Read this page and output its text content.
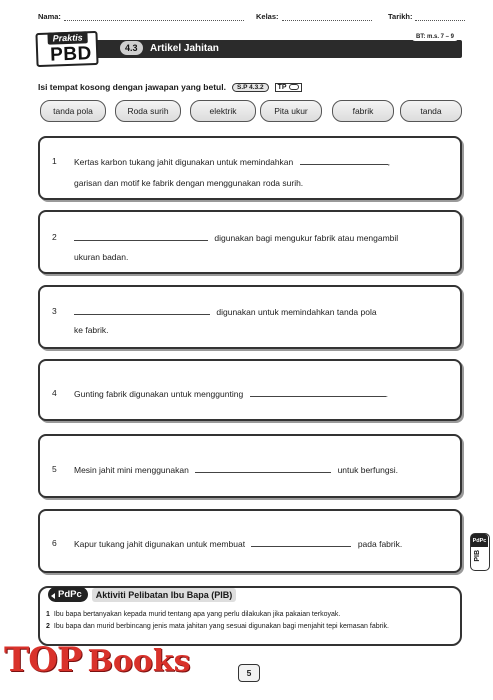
Nama:	Kelas:	Tarikh:
Praktis
PBD	4.3	Artikel Jahitan
BT: m.s. 7 – 9
Isi tempat kosong dengan jawapan yang betul.	S.P 4.3.2	TP
tanda pola	Roda surih	elektrik	Pita ukur	fabrik	tanda
1 Kertas karbon tukang jahit digunakan untuk memindahkan	,
garisan dan motif ke fabrik dengan menggunakan roda surih.
2	digunakan bagi mengukur fabrik atau mengambil
ukuran badan.
3	digunakan untuk memindahkan tanda pola
ke fabrik.
4 Gunting fabrik digunakan untuk menggunting	.
5 Mesin jahit mini menggunakan	untuk berfungsi.
6 Kapur tukang jahit digunakan untuk membuat	pada fabrik.	PdPc
PIB
PdPc	Aktiviti Pelibatan Ibu Bapa (PIB)
1 Ibu bapa bertanyakan kepada murid tentang apa yang perlu dilakukan jika pakaian terkoyak.
2 Ibu bapa dan murid berbincang jenis mata jahitan yang sesuai digunakan bagi menjahit tepi kemasan fabrik.
TOP Books	5
